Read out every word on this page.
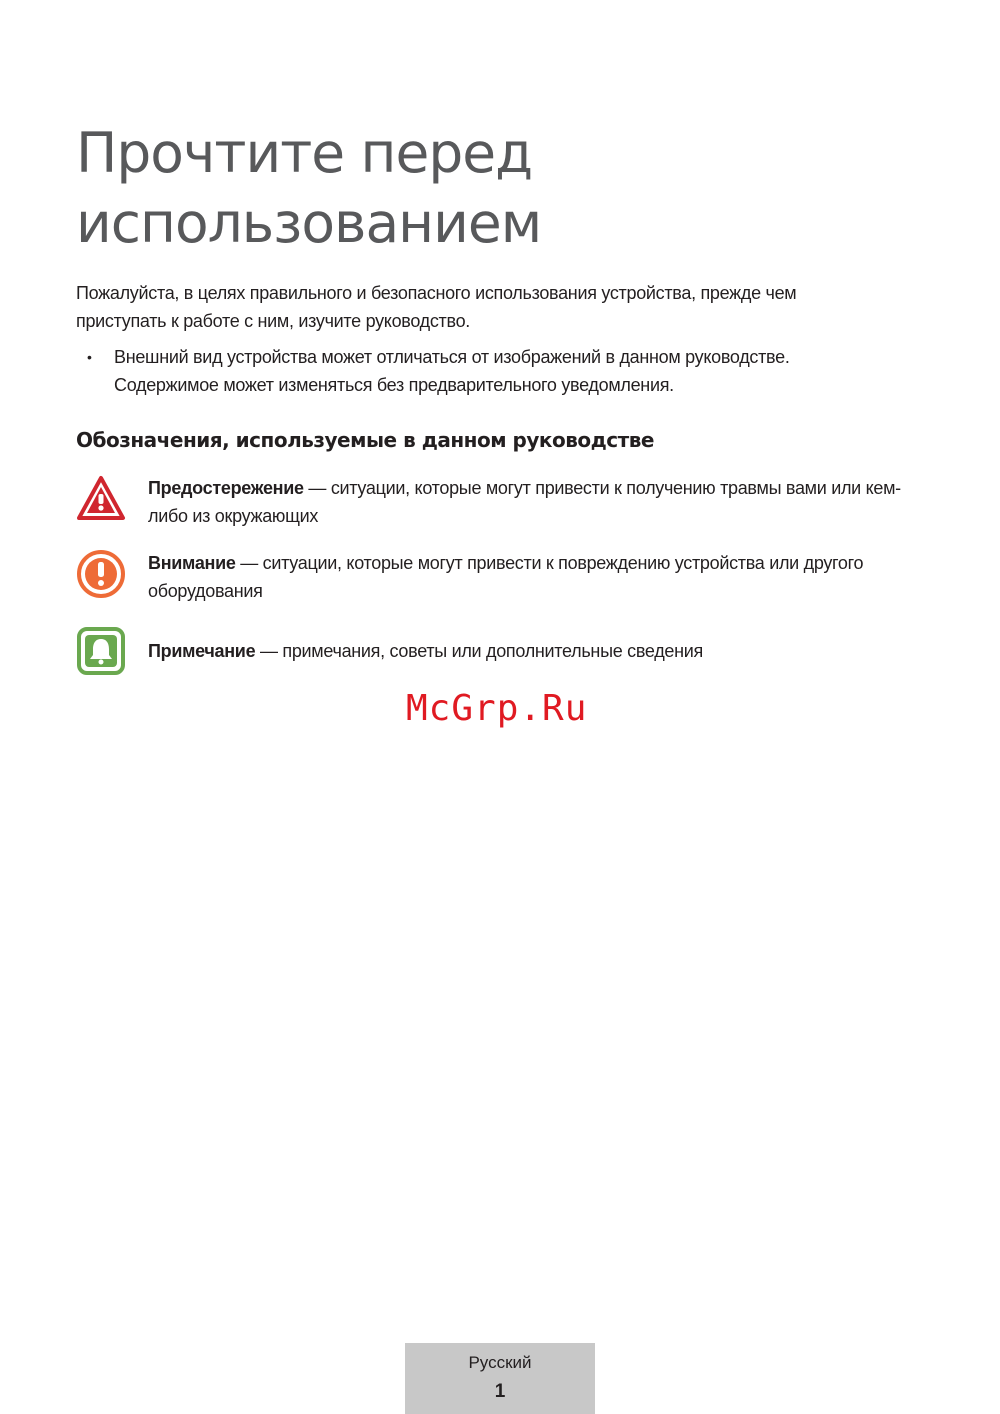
Прочтите перед
использованием

Пожалуйста, в целях правильного и безопасного использования устройства, прежде чем приступать к работе с ним, изучите руководство.

• Внешний вид устройства может отличаться от изображений в данном руководстве. Содержимое может изменяться без предварительного уведомления.
Обозначения, используемые в данном руководстве

Предостережение — ситуации, которые могут привести к получению травмы вами или кем-либо из окружающих

Внимание — ситуации, которые могут привести к повреждению устройства или другого оборудования

Примечание — примечания, советы или дополнительные сведения

McGrp.Ru

Русский
1
